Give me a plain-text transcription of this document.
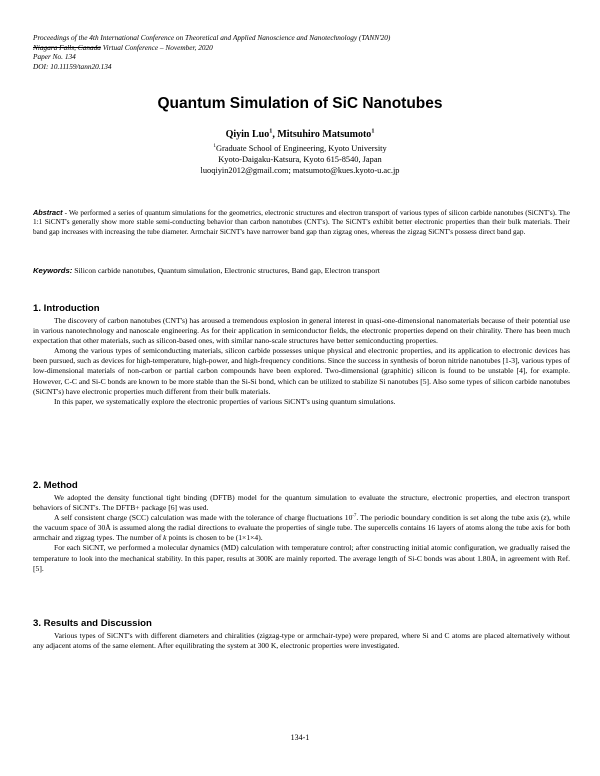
Proceedings of the 4th International Conference on Theoretical and Applied Nanoscience and Nanotechnology (TANN'20)
Niagara Falls, Canada Virtual Conference – November, 2020
Paper No. 134
DOI: 10.11159/tann20.134
Quantum Simulation of SiC Nanotubes
Qiyin Luo$^1$, Mitsuhiro Matsumoto$^1$
$^1$Graduate School of Engineering, Kyoto University
Kyoto-Daigaku-Katsura, Kyoto 615-8540, Japan
luoqiyin2012@gmail.com; matsumoto@kues.kyoto-u.ac.jp
Abstract - We performed a series of quantum simulations for the geometrics, electronic structures and electron transport of various types of silicon carbide nanotubes (SiCNT's). The 1:1 SiCNT's generally show more stable semi-conducting behavior than carbon nanotubes (CNT's). The SiCNT's exhibit better electronic properties than their bulk materials. Their band gap increases with increasing the tube diameter. Armchair SiCNT's have narrower band gap than zigzag ones, whereas the zigzag SiCNT's possess direct band gap.
Keywords: Silicon carbide nanotubes, Quantum simulation, Electronic structures, Band gap, Electron transport
1. Introduction

The discovery of carbon nanotubes (CNT's) has aroused a tremendous explosion in general interest in quasi-one-dimensional nanomaterials because of their potential use in various nanotechnology and nanoscale engineering. As for their application in semiconductor fields, the electronic properties depend on their chirality. There has been much expectation that other materials, such as silicon-based ones, with similar nano-scale structures have better semiconducting properties.

Among the various types of semiconducting materials, silicon carbide possesses unique physical and electronic properties, and its application to electronic devices has been pursued, such as devices for high-temperature, high-power, and high-frequency conditions. Since the success in synthesis of boron nitride nanotubes [1-3], various types of low-dimensional materials of non-carbon or partial carbon compounds have been explored. Two-dimensional (graphitic) silicon is found to be unstable [4], for example. However, C-C and Si-C bonds are known to be more stable than the Si-Si bond, which can be utilized to stabilize Si nanotubes [5]. Also some types of silicon carbide nanotubes (SiCNT's) have electronic properties much different from their bulk materials.

In this paper, we systematically explore the electronic properties of various SiCNT's using quantum simulations.

2. Method

We adopted the density functional tight binding (DFTB) model for the quantum simulation to evaluate the structure, electronic properties, and electron transport behaviors of SiCNT's. The DFTB+ package [6] was used.

A self consistent charge (SCC) calculation was made with the tolerance of charge fluctuations $10^{-7}$. The periodic boundary condition is set along the tube axis (z), while the vacuum space of 30Å is assumed along the radial directions to evaluate the properties of single tube. The supercells contains 16 layers of atoms along the tube axis for both armchair and zigzag types. The number of k points is chosen to be (1×1×4).

For each SiCNT, we performed a molecular dynamics (MD) calculation with temperature control; after constructing initial atomic configuration, we gradually raised the temperature to look into the mechanical stability. In this paper, results at 300K are mainly reported. The average length of Si-C bonds was about 1.80Å, in agreement with Ref. [5].

3. Results and Discussion

Various types of SiCNT's with different diameters and chiralities (zigzag-type or armchair-type) were prepared, where Si and C atoms are placed alternatively without any adjacent atoms of the same element. After equilibrating the system at 300 K, electronic properties were investigated.

134-1
